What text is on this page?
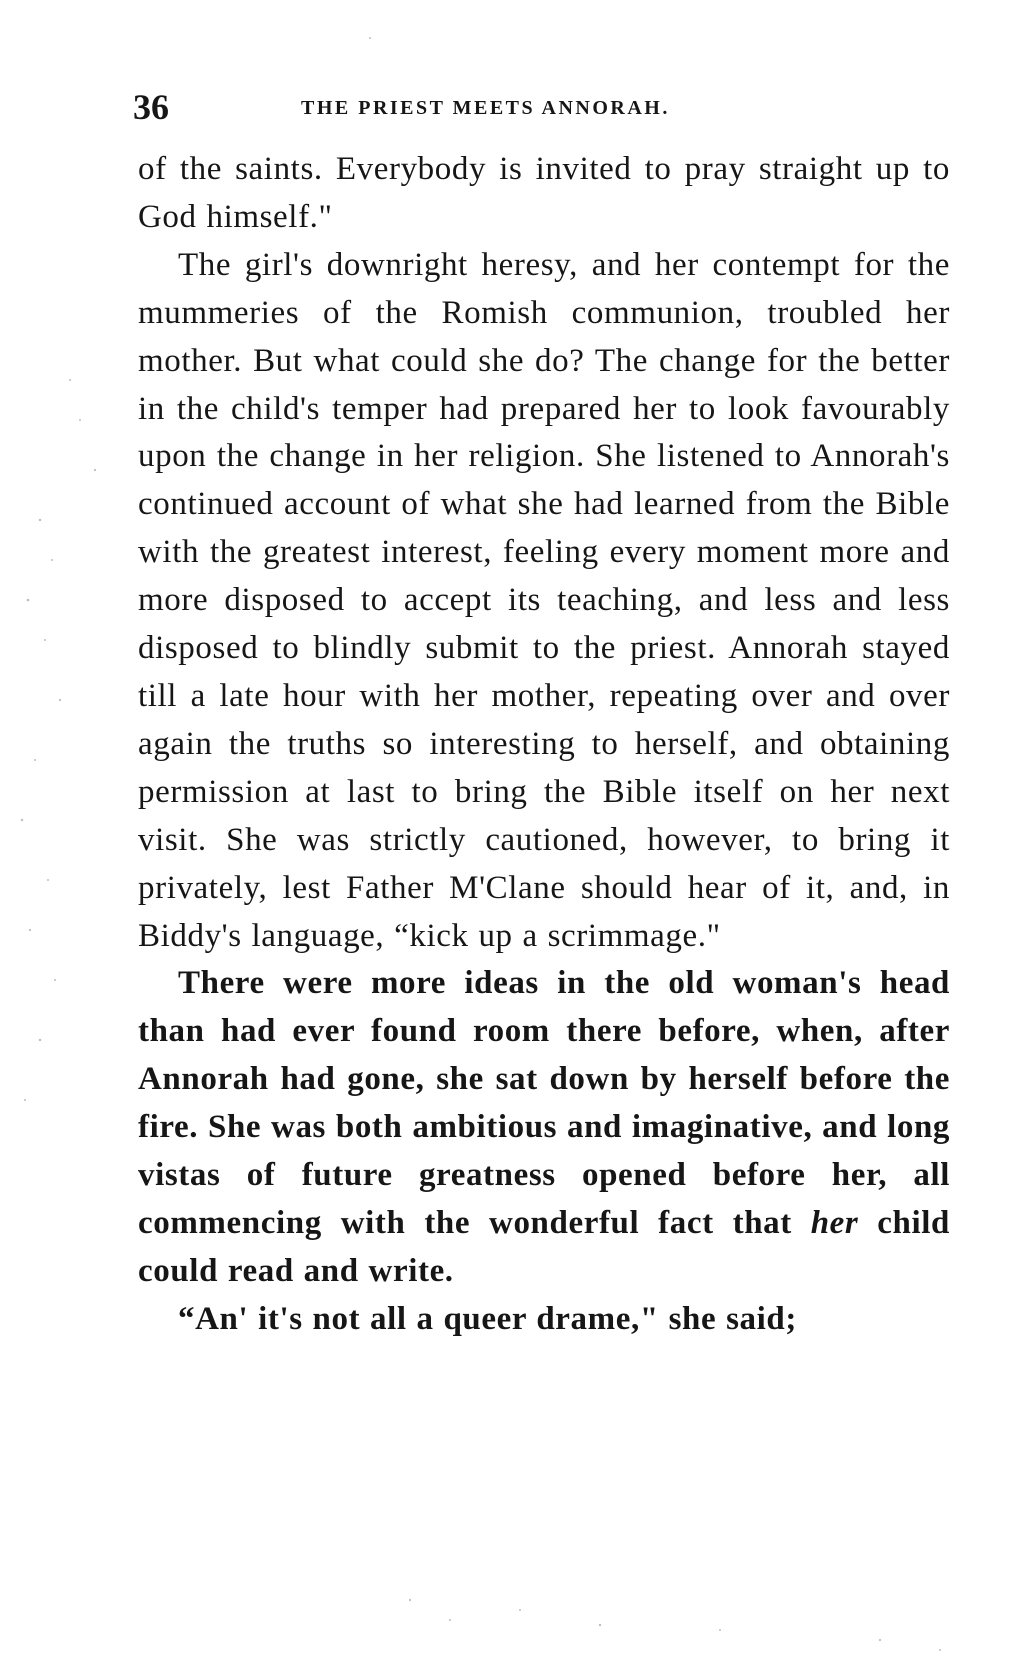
36	THE PRIEST MEETS ANNORAH.

of the saints. Everybody is invited to pray straight up to God himself."

The girl's downright heresy, and her contempt for the mummeries of the Romish communion, troubled her mother. But what could she do? The change for the better in the child's temper had prepared her to look favourably upon the change in her religion. She listened to Annorah's continued account of what she had learned from the Bible with the greatest interest, feeling every moment more and more disposed to accept its teaching, and less and less disposed to blindly submit to the priest. Annorah stayed till a late hour with her mother, repeating over and over again the truths so interesting to herself, and obtaining permission at last to bring the Bible itself on her next visit. She was strictly cautioned, however, to bring it privately, lest Father M'Clane should hear of it, and, in Biddy's language, “kick up a scrimmage."

There were more ideas in the old woman's head than had ever found room there before, when, after Annorah had gone, she sat down by herself before the fire. She was both ambitious and imaginative, and long vistas of future greatness opened before her, all commencing with the wonderful fact that her child could read and write.

“An' it's not all a queer drame," she said;
